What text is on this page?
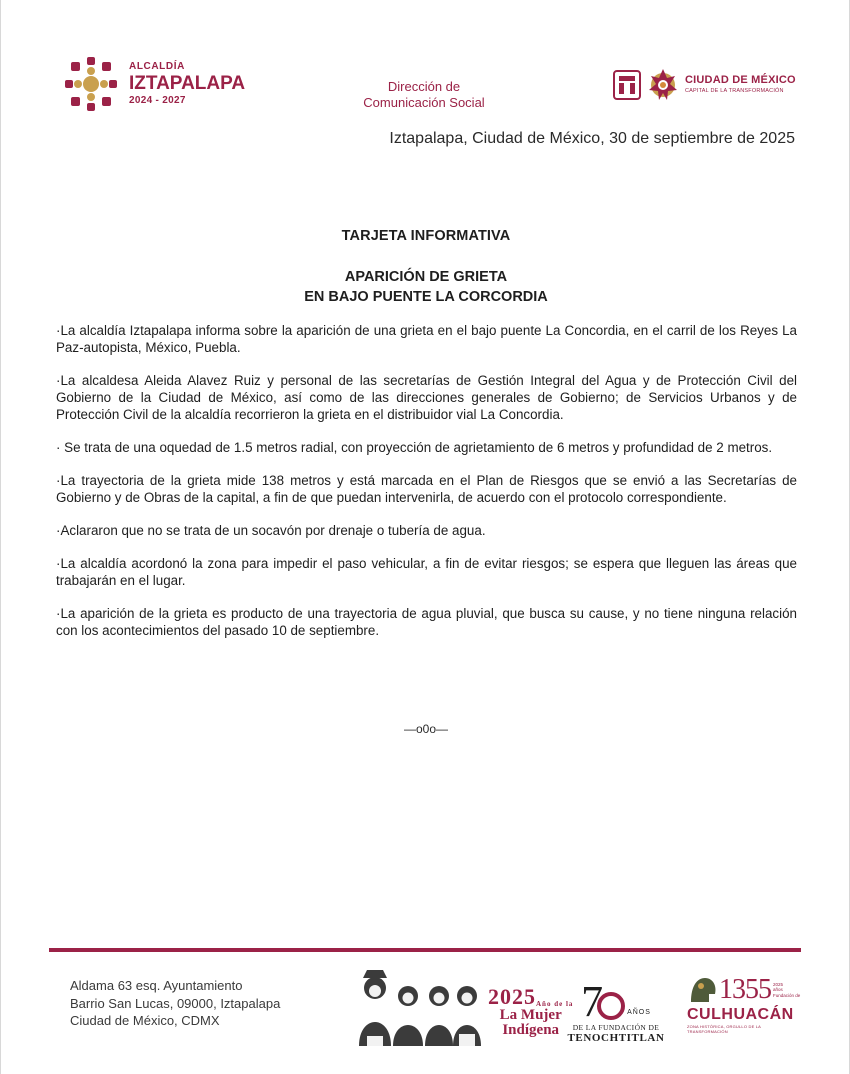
ALCALDÍA
IZTAPALAPA
2024 - 2027
Dirección de
Comunicación Social
CIUDAD DE MÉXICO
CAPITAL DE LA TRANSFORMACIÓN
Iztapalapa, Ciudad de México, 30 de septiembre de 2025
TARJETA INFORMATIVA
APARICIÓN DE GRIETA
EN BAJO PUENTE LA CORCORDIA

·La alcaldía Iztapalapa informa sobre la aparición de una grieta en el bajo puente La Concordia, en el carril de los Reyes La Paz-autopista, México, Puebla.

·La alcaldesa Aleida Alavez Ruiz y personal de las secretarías de Gestión Integral del Agua y de Protección Civil del Gobierno de la Ciudad de México, así como de las direcciones generales de Gobierno; de Servicios Urbanos y de Protección Civil de la alcaldía recorrieron la grieta en el distribuidor vial La Concordia.

· Se trata de una oquedad de 1.5 metros radial, con proyección de agrietamiento de 6 metros y profundidad de 2 metros.

·La trayectoria de la grieta mide 138 metros y está marcada en el Plan de Riesgos que se envió a las Secretarías de Gobierno y de Obras de la capital, a fin de que puedan intervenirla, de acuerdo con el protocolo correspondiente.

·Aclararon que no se trata de un socavón por drenaje o tubería de agua.

·La alcaldía acordonó la zona para impedir el paso vehicular, a fin de evitar riesgos; se espera que lleguen las áreas que trabajarán en el lugar.

·La aparición de la grieta es producto de una trayectoria de agua pluvial, que busca su cause, y no tiene ninguna relación con los acontecimientos del pasado 10 de septiembre.

—o0o—
Aldama 63 esq. Ayuntamiento
Barrio San Lucas, 09000, Iztapalapa
Ciudad de México, CDMX
2025 Año de la
La Mujer
Indígena
7	AÑOS
DE LA FUNDACIÓN DE
TENOCHTITLAN
1355 2025
años
Fundación de
CULHUACÁN
ZONA HISTÓRICA, ORGULLO DE LA TRANSFORMACIÓN
